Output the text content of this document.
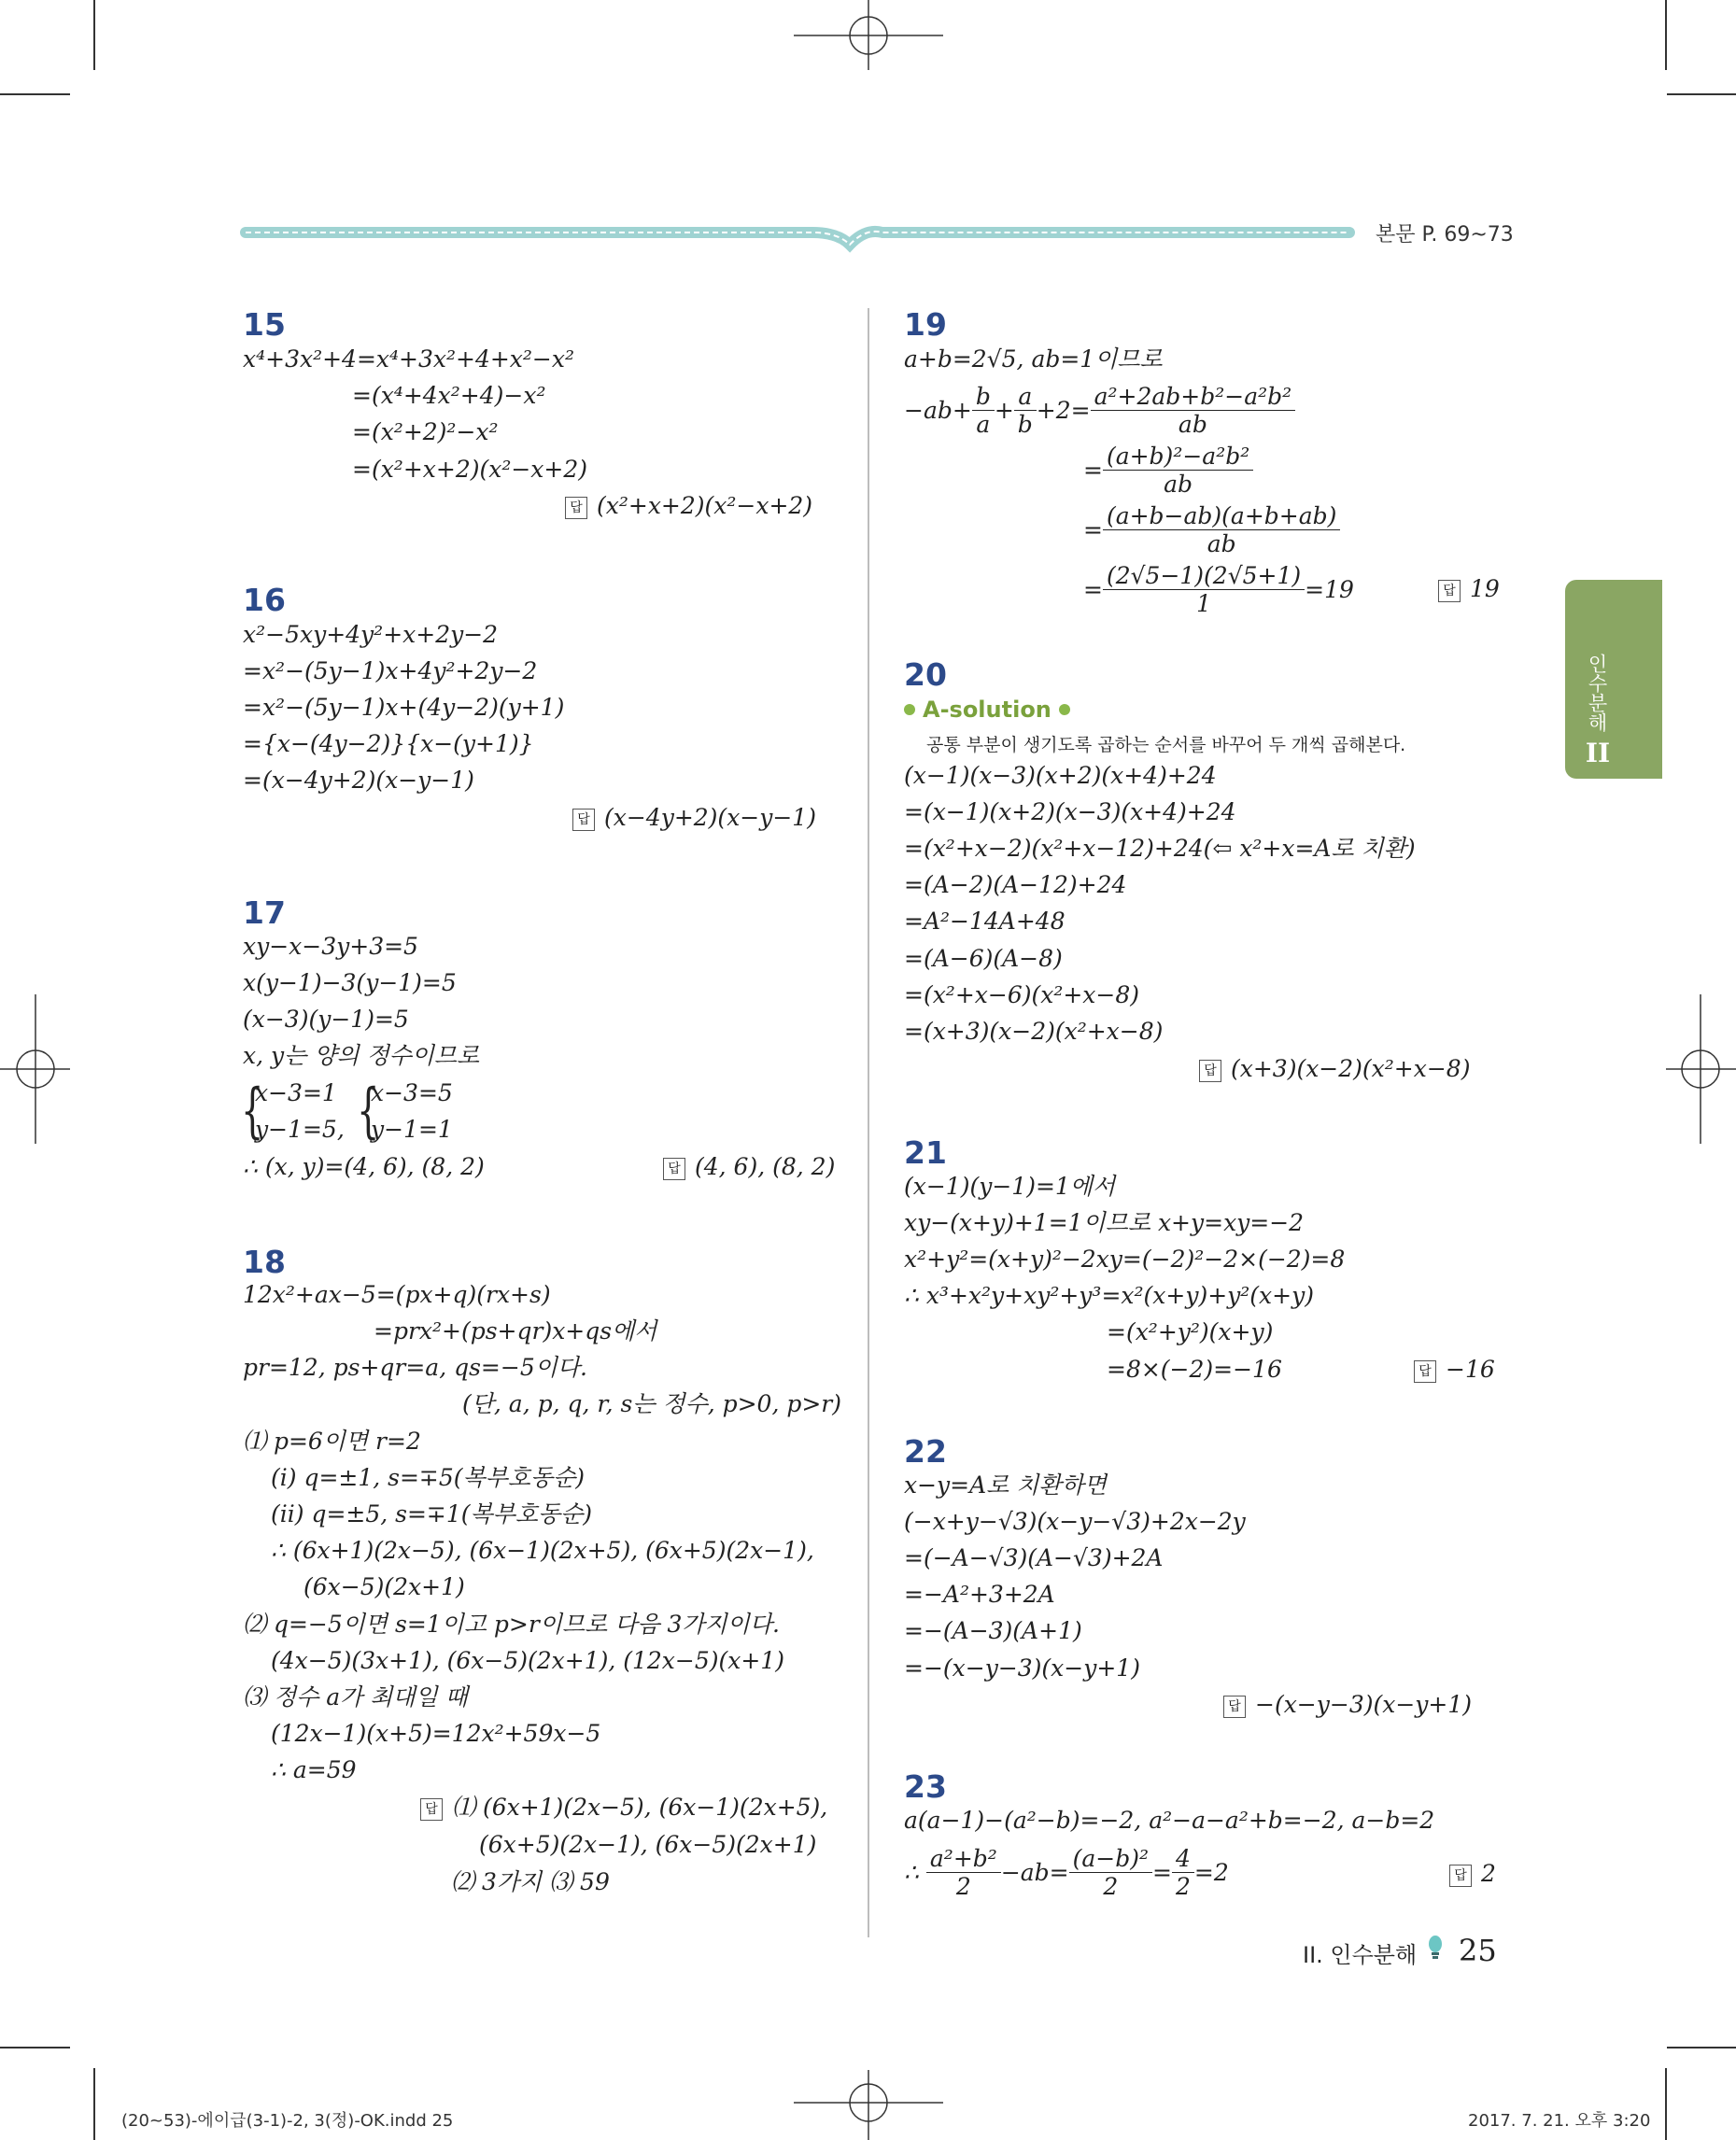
본문 P. 69~73
인수분해
II
15
x⁴+3x²+4=x⁴+3x²+4+x²−x²
=(x⁴+4x²+4)−x²
=(x²+2)²−x²
=(x²+x+2)(x²−x+2)
답 (x²+x+2)(x²−x+2)
16
x²−5xy+4y²+x+2y−2
=x²−(5y−1)x+4y²+2y−2
=x²−(5y−1)x+(4y−2)(y+1)
={x−(4y−2)}{x−(y+1)}
=(x−4y+2)(x−y−1)
답 (x−4y+2)(x−y−1)
17
xy−x−3y+3=5
x(y−1)−3(y−1)=5
(x−3)(y−1)=5
x, y는 양의 정수이므로
{
x−3=1
y−1=5, {
x−3=5
y−1=1
∴ (x, y)=(4, 6), (8, 2)	답 (4, 6), (8, 2)
18
12x²+ax−5=(px+q)(rx+s)
=prx²+(ps+qr)x+qs에서
pr=12, ps+qr=a, qs=−5이다.
(단, a, p, q, r, s는 정수, p>0, p>r)
⑴ p=6이면 r=2
(ⅰ) q=±1, s=∓5(복부호동순)
(ⅱ) q=±5, s=∓1(복부호동순)
∴ (6x+1)(2x−5), (6x−1)(2x+5), (6x+5)(2x−1),
(6x−5)(2x+1)
⑵ q=−5이면 s=1이고 p>r이므로 다음 3가지이다.
(4x−5)(3x+1), (6x−5)(2x+1), (12x−5)(x+1)
⑶ 정수 a가 최대일 때
(12x−1)(x+5)=12x²+59x−5
∴ a=59
답 ⑴ (6x+1)(2x−5), (6x−1)(2x+5),
(6x+5)(2x−1), (6x−5)(2x+1)
⑵ 3가지 ⑶ 59
19
a+b=2√5, ab=1이므로
$-ab+ \frac{b}{a} + \frac{a}{b} +2= \frac{\text{a²+2ab+b²−a²b²}}{ab}$
= $\frac{\text{(a+b)²−a²b²}}{ab}$
= $\frac{(a+b-ab)(a+b+ab)}{ab}$
= $\frac{(2√5-1)(2√5+1)}{1} =19$	답 19
20
A-solution
공통 부분이 생기도록 곱하는 순서를 바꾸어 두 개씩 곱해본다.
(x−1)(x−3)(x+2)(x+4)+24
=(x−1)(x+2)(x−3)(x+4)+24
=(x²+x−2)(x²+x−12)+24(⇦ x²+x=A로 치환)
=(A−2)(A−12)+24
=A²−14A+48
=(A−6)(A−8)
=(x²+x−6)(x²+x−8)
=(x+3)(x−2)(x²+x−8)
답 (x+3)(x−2)(x²+x−8)
21
(x−1)(y−1)=1에서
xy−(x+y)+1=1이므로 x+y=xy=−2
x²+y²=(x+y)²−2xy=(−2)²−2×(−2)=8
∴ x³+x²y+xy²+y³=x²(x+y)+y²(x+y)
=(x²+y²)(x+y)
=8×(−2)=−16	답 −16
22
x−y=A로 치환하면
(−x+y−√3)(x−y−√3)+2x−2y
=(−A−√3)(A−√3)+2A
=−A²+3+2A
=−(A−3)(A+1)
=−(x−y−3)(x−y+1)
답 −(x−y−3)(x−y+1)
23
a(a−1)−(a²−b)=−2, a²−a−a²+b=−2, a−b=2
∴ $\frac{\text{a²+b²}}{2} -ab= \frac{\text{(a−b)²}}{2} = \frac{4}{2} =2$	답 2
II. 인수분해 25
(20~53)-에이급(3-1)-2, 3(정)-OK.indd 25	2017. 7. 21. 오후 3:20
